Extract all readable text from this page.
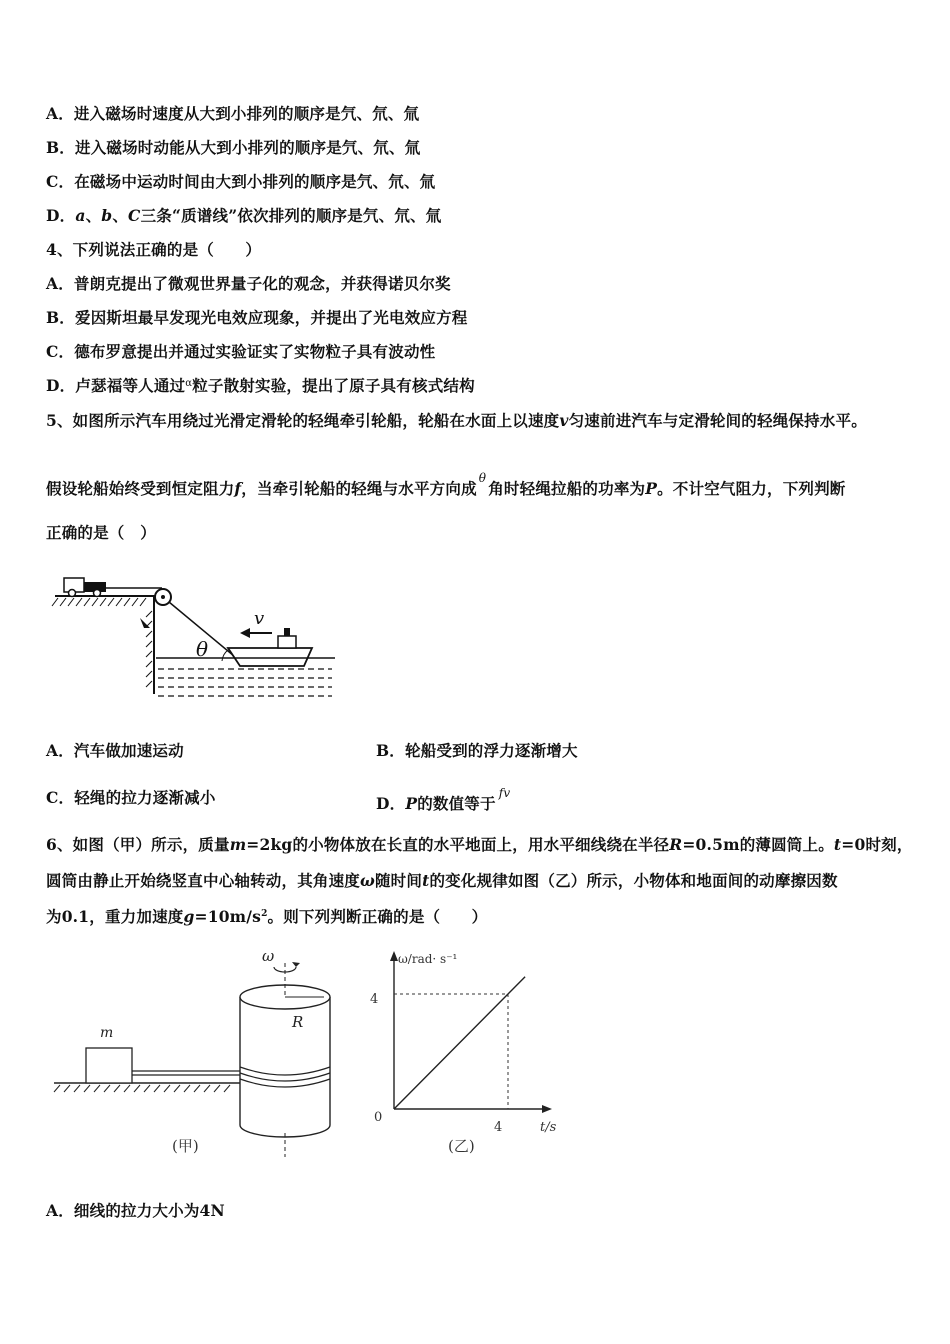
A．进入磁场时速度从大到小排列的顺序是氕、氘、氚
B．进入磁场时动能从大到小排列的顺序是氕、氘、氚
C．在磁场中运动时间由大到小排列的顺序是氕、氘、氚
D．a、b、C三条“质谱线”依次排列的顺序是氕、氘、氚
4、下列说法正确的是（　　）
A．普朗克提出了微观世界量子化的观念，并获得诺贝尔奖
B．爱因斯坦最早发现光电效应现象，并提出了光电效应方程
C．德布罗意提出并通过实验证实了实物粒子具有波动性
D．卢瑟福等人通过$^\alpha$粒子散射实验，提出了原子具有核式结构
5、如图所示汽车用绕过光滑定滑轮的轻绳牵引轮船，轮船在水面上以速度v匀速前进汽车与定滑轮间的轻绳保持水平。
假设轮船始终受到恒定阻力f，当牵引轮船的轻绳与水平方向成$^\theta$角时轻绳拉船的功率为P。不计空气阻力，下列判断
正确的是（　）
θ
v
A．汽车做加速运动	B．轮船受到的浮力逐渐增大
C．轻绳的拉力逐渐减小	D．P的数值等于$^{fv}$
6、如图（甲）所示，质量m=2kg的小物体放在长直的水平地面上，用水平细线绕在半径R=0.5m的薄圆筒上。t=0时刻，
圆筒由静止开始绕竖直中心轴转动，其角速度ω随时间t的变化规律如图（乙）所示，小物体和地面间的动摩擦因数
为0.1，重力加速度$g=10m/s^2$。则下列判断正确的是（　　）
m
R
ω
(甲)
ω/rad· s⁻¹
t/s
0
4
4
(乙)
A．细线的拉力大小为4N
